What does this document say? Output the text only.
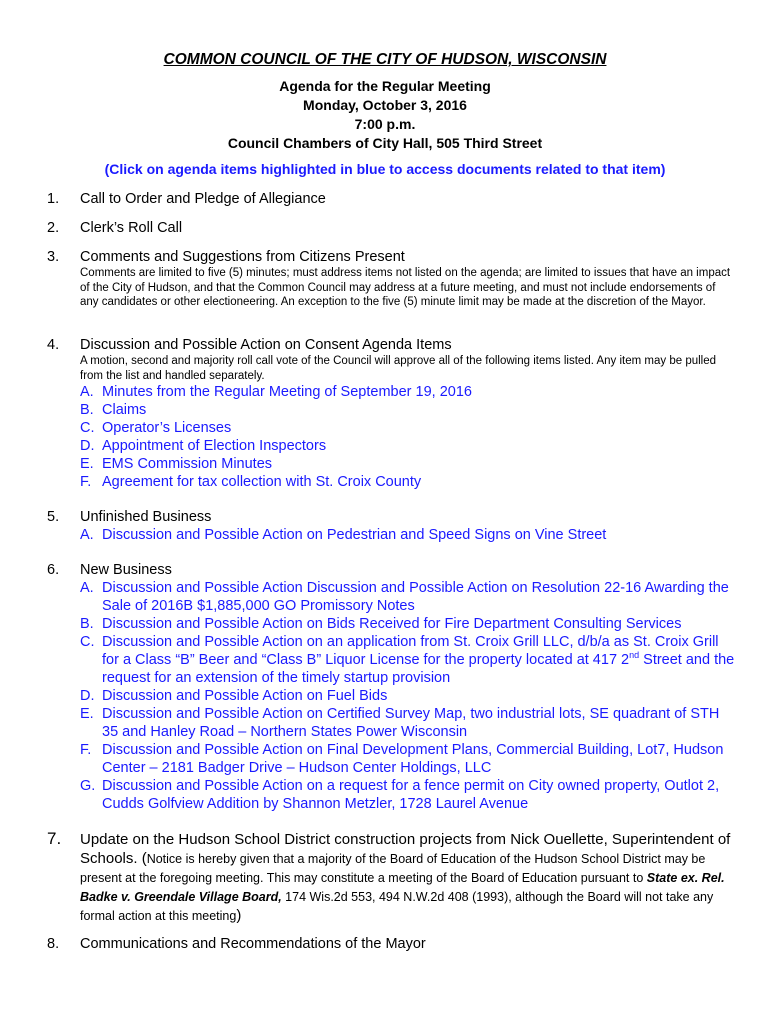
COMMON COUNCIL OF THE CITY OF HUDSON, WISCONSIN
Agenda for the Regular Meeting
Monday, October 3, 2016
7:00 p.m.
Council Chambers of City Hall, 505 Third Street
(Click on agenda items highlighted in blue to access documents related to that item)
1. Call to Order and Pledge of Allegiance
2. Clerk’s Roll Call
3. Comments and Suggestions from Citizens Present
Comments are limited to five (5) minutes; must address items not listed on the agenda; are limited to issues that have an impact of the City of Hudson, and that the Common Council may address at a future meeting, and must not include endorsements of any candidates or other electioneering. An exception to the five (5) minute limit may be made at the discretion of the Mayor.
4. Discussion and Possible Action on Consent Agenda Items
A motion, second and majority roll call vote of the Council will approve all of the following items listed. Any item may be pulled from the list and handled separately.
A. Minutes from the Regular Meeting of September 19, 2016
B. Claims
C. Operator’s Licenses
D. Appointment of Election Inspectors
E. EMS Commission Minutes
F. Agreement for tax collection with St. Croix County
5. Unfinished Business
A. Discussion and Possible Action on Pedestrian and Speed Signs on Vine Street
6. New Business
A. Discussion and Possible Action Discussion and Possible Action on Resolution 22-16 Awarding the Sale of 2016B $1,885,000 GO Promissory Notes
B. Discussion and Possible Action on Bids Received for Fire Department Consulting Services
C. Discussion and Possible Action on an application from St. Croix Grill LLC, d/b/a as St. Croix Grill for a Class “B” Beer and “Class B” Liquor License for the property located at 417 2nd Street and the request for an extension of the timely startup provision
D. Discussion and Possible Action on Fuel Bids
E. Discussion and Possible Action on Certified Survey Map, two industrial lots, SE quadrant of STH 35 and Hanley Road – Northern States Power Wisconsin
F. Discussion and Possible Action on Final Development Plans, Commercial Building, Lot7, Hudson Center – 2181 Badger Drive – Hudson Center Holdings, LLC
G. Discussion and Possible Action on a request for a fence permit on City owned property, Outlot 2, Cudds Golfview Addition by Shannon Metzler, 1728 Laurel Avenue
7. Update on the Hudson School District construction projects from Nick Ouellette, Superintendent of Schools. (Notice is hereby given that a majority of the Board of Education of the Hudson School District may be present at the foregoing meeting. This may constitute a meeting of the Board of Education pursuant to State ex. Rel. Badke v. Greendale Village Board, 174 Wis.2d 553, 494 N.W.2d 408 (1993), although the Board will not take any formal action at this meeting)
8. Communications and Recommendations of the Mayor
